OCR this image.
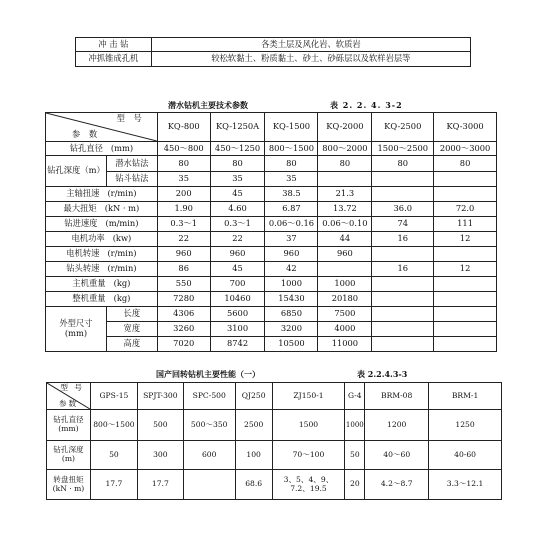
冲 击 钻	各类土层及风化岩、软质岩
冲抓锥成孔机	较松软黏土、粉质黏土、砂土、砂砾层以及软样岩层等
潜水钻机主要技术参数	表 2. 2. 4. 3-2
型 号
参 数		KQ-800	KQ-1250A	KQ-1500	KQ-2000	KQ-2500	KQ-3000
钻孔直径 (mm)		450～800	450～1250	800～1500	800～2000	1500～2500	2000～3000
钻孔深度（m）	潜水钻法	80	80	80	80	80	80
	钻斗钻法	35	35	35			
主轴扭速 (r/min)		200	45	38.5	21.3		
最大扭矩 (kN · m)		1.90	4.60	6.87	13.72	36.0	72.0
钻进速度 (m/min)		0.3～1	0.3～1	0.06～0.16	0.06～0.10	74	111
电机功率 (kw)		22	22	37	44	16	12
电机转速 (r/min)		960	960	960	960		
钻头转速 (r/min)		86	45	42		16	12
主机重量 (kg)		550	700	1000	1000		
整机重量 (kg)		7280	10460	15430	20180		

外型尺寸
(mm)	长度	4306	5600	6850	7500		
	宽度	3260	3100	3200	4000		
	高度	7020	8742	10500	11000		
国产回转钻机主要性能（一）	表 2.2.4.3-3
型 号
参数	GPS-15	SPJT-300	SPC-500	QJ250	ZJ150-1	G-4	BRM-08	BRM-1

钻孔直径
(mm)	800～1500	500	500～350	2500	1500	1000	1200	1250

钻孔深度
(m)	50	300	600	100	70～100	50	40～60	40-60

转盘扭矩
(kN · m)	17.7	17.7		68.6	3、5、4、9、7.2、19.5	20	4.2～8.7	3.3～12.1
